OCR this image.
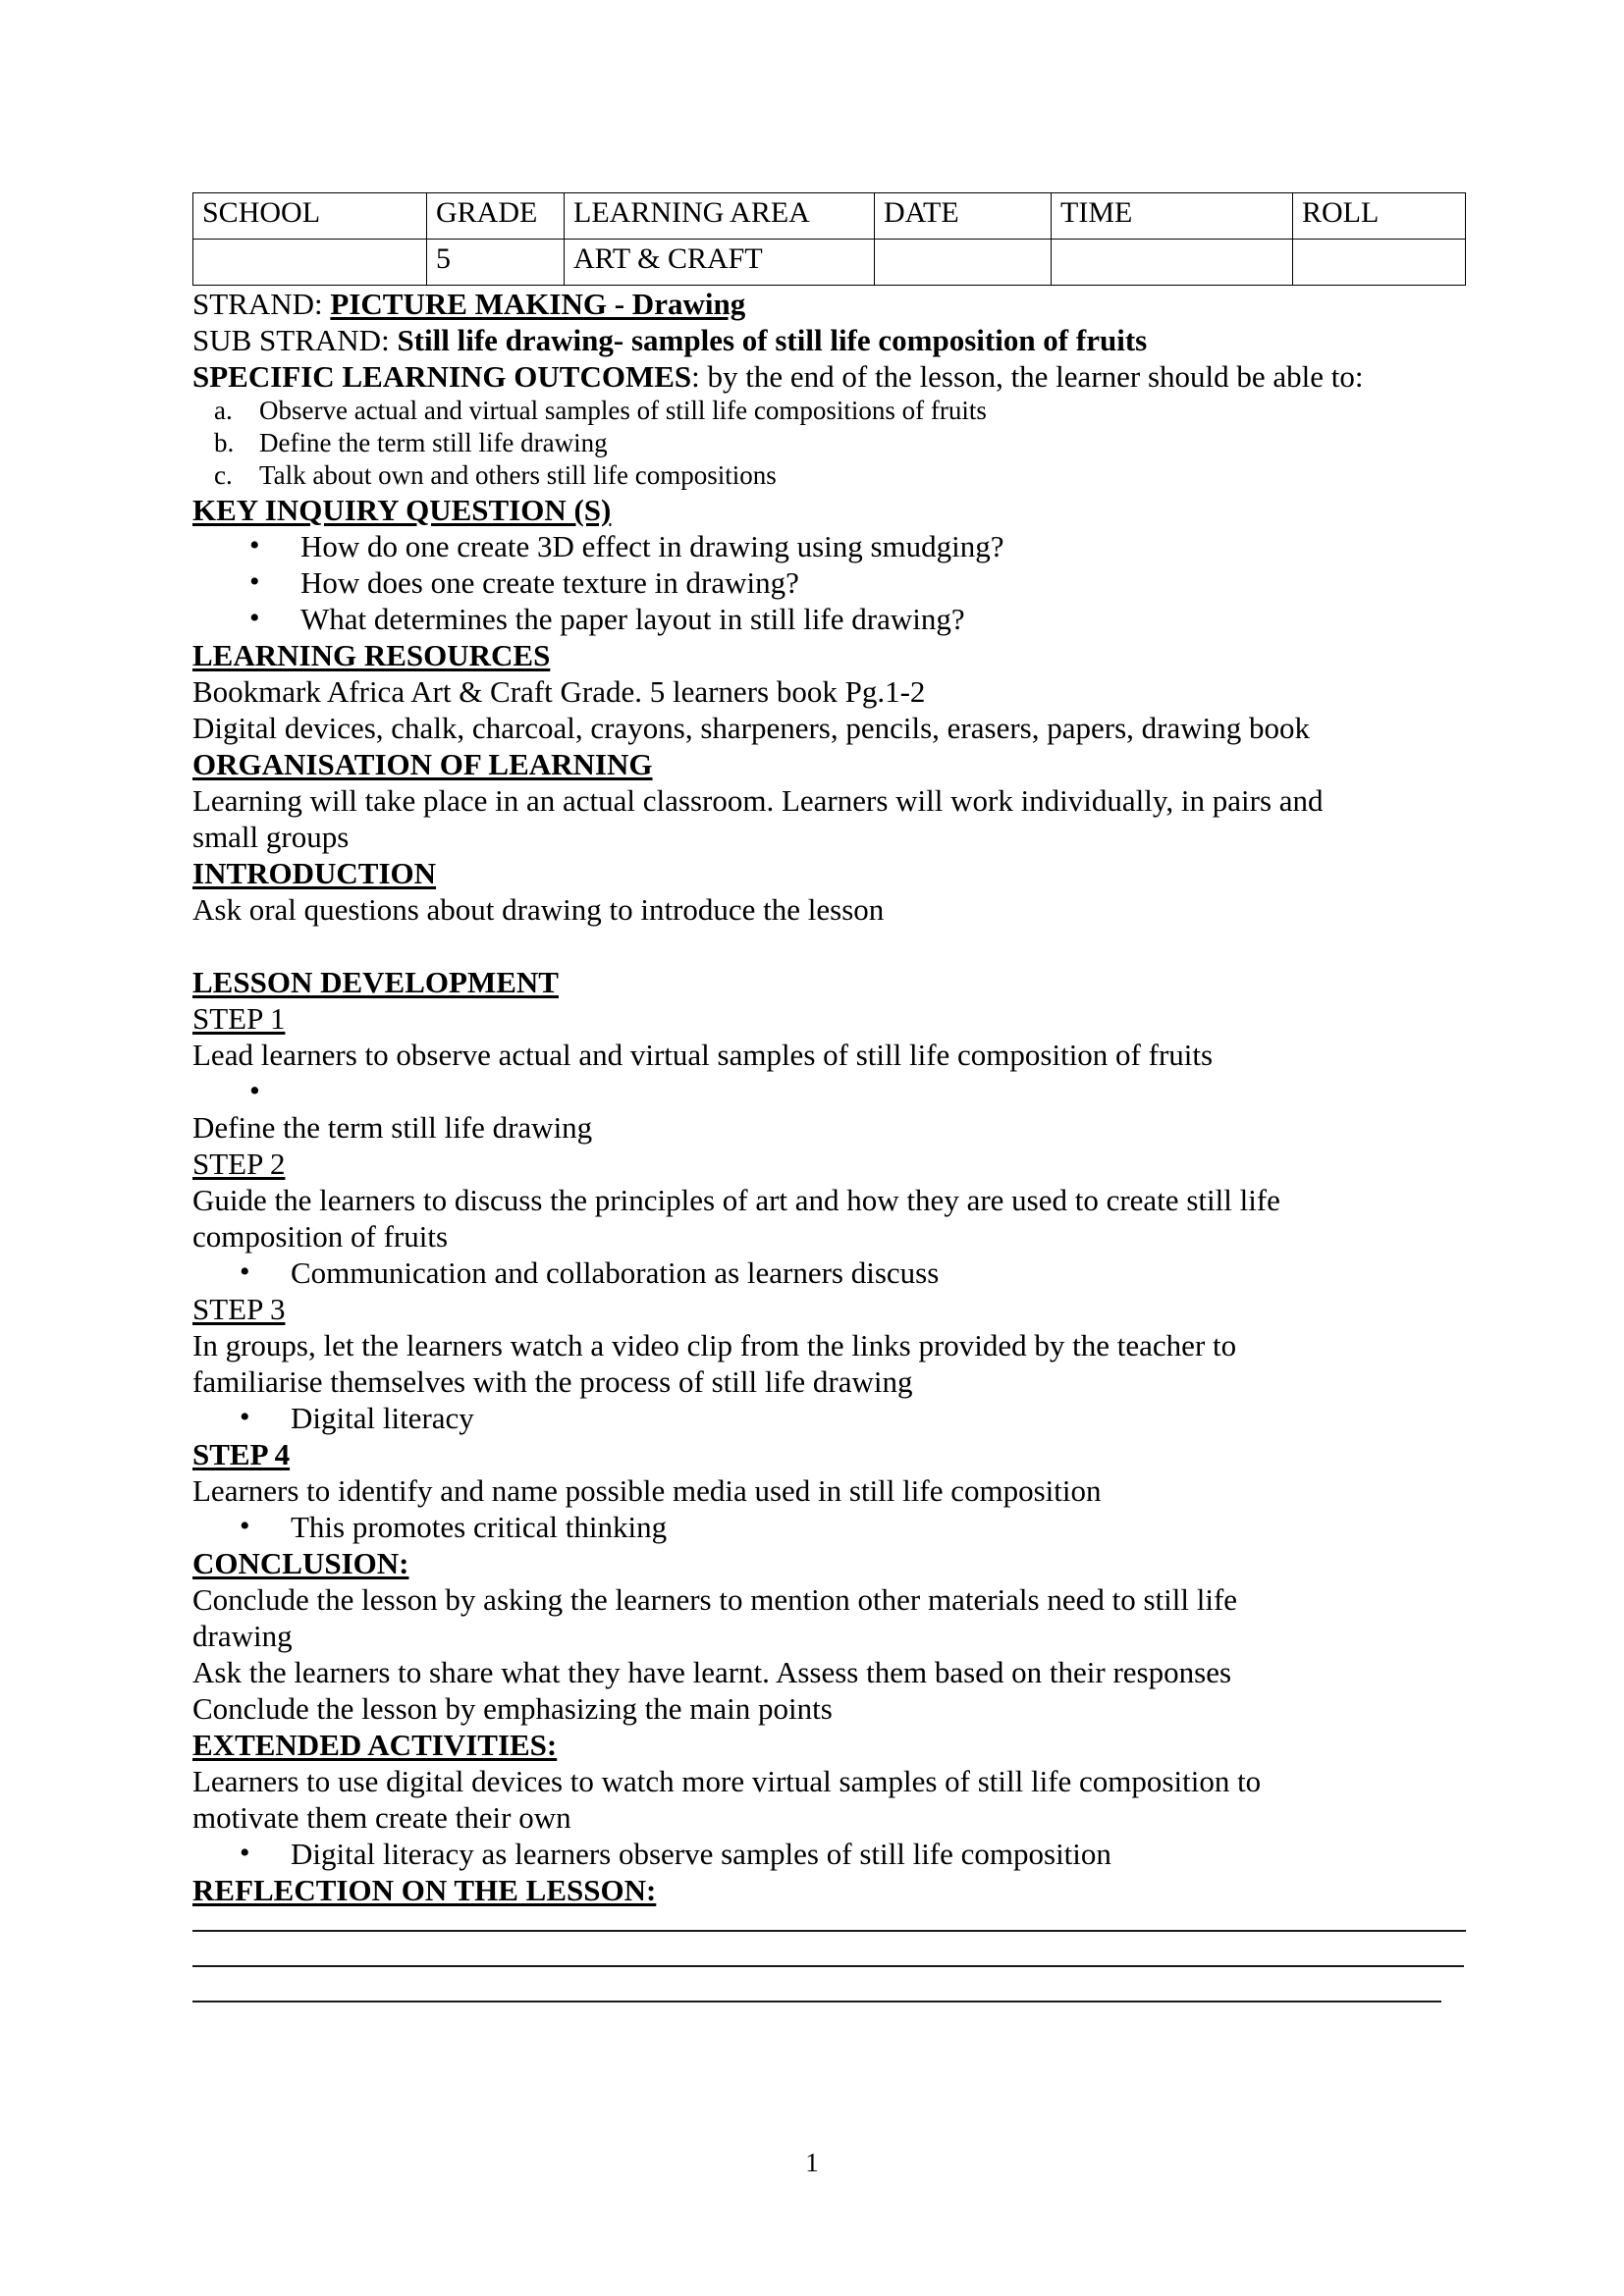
SCHOOL	GRADE	LEARNING AREA	DATE	TIME	ROLL
	5	ART & CRAFT			
STRAND: PICTURE MAKING - Drawing
SUB STRAND: Still life drawing- samples of still life composition of fruits
SPECIFIC LEARNING OUTCOMES: by the end of the lesson, the learner should be able to:
a. Observe actual and virtual samples of still life compositions of fruits
b. Define the term still life drawing
c. Talk about own and others still life compositions
KEY INQUIRY QUESTION (S)
• How do one create 3D effect in drawing using smudging?
• How does one create texture in drawing?
• What determines the paper layout in still life drawing?
LEARNING RESOURCES
Bookmark Africa Art & Craft Grade. 5 learners book Pg.1-2
Digital devices, chalk, charcoal, crayons, sharpeners, pencils, erasers, papers, drawing book
ORGANISATION OF LEARNING
Learning will take place in an actual classroom. Learners will work individually, in pairs and
small groups
INTRODUCTION
Ask oral questions about drawing to introduce the lesson
LESSON DEVELOPMENT
STEP 1
Lead learners to observe actual and virtual samples of still life composition of fruits
•
Define the term still life drawing
STEP 2
Guide the learners to discuss the principles of art and how they are used to create still life
composition of fruits
• Communication and collaboration as learners discuss
STEP 3
In groups, let the learners watch a video clip from the links provided by the teacher to
familiarise themselves with the process of still life drawing
• Digital literacy
STEP 4
Learners to identify and name possible media used in still life composition
• This promotes critical thinking
CONCLUSION:
Conclude the lesson by asking the learners to mention other materials need to still life
drawing
Ask the learners to share what they have learnt. Assess them based on their responses
Conclude the lesson by emphasizing the main points
EXTENDED ACTIVITIES:
Learners to use digital devices to watch more virtual samples of still life composition to
motivate them create their own
• Digital literacy as learners observe samples of still life composition
REFLECTION ON THE LESSON:
1
